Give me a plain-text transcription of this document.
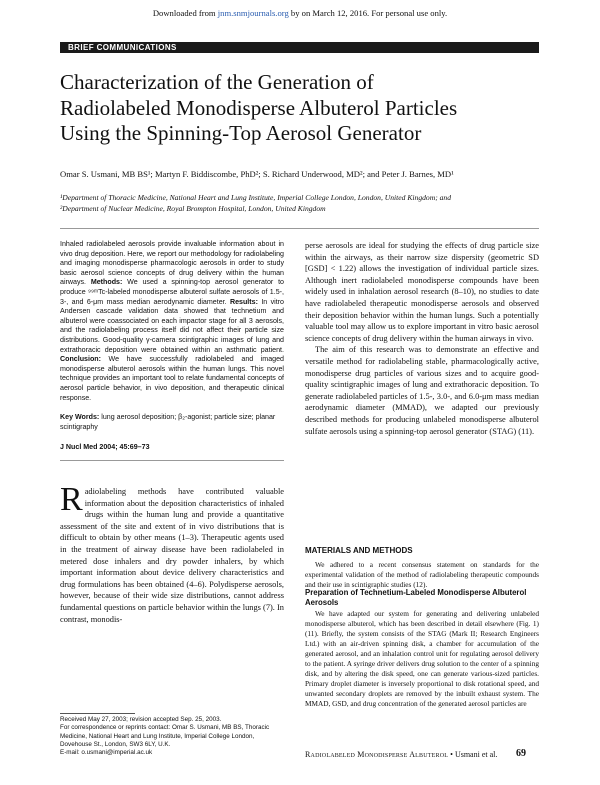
Downloaded from jnm.snmjournals.org by on March 12, 2016. For personal use only.
BRIEF COMMUNICATIONS
Characterization of the Generation of
Radiolabeled Monodisperse Albuterol Particles
Using the Spinning-Top Aerosol Generator
Omar S. Usmani, MB BS¹; Martyn F. Biddiscombe, PhD²; S. Richard Underwood, MD²; and Peter J. Barnes, MD¹
¹Department of Thoracic Medicine, National Heart and Lung Institute, Imperial College London, London, United Kingdom; and
²Department of Nuclear Medicine, Royal Brompton Hospital, London, United Kingdom

Inhaled radiolabeled aerosols provide invaluable information about in vivo drug deposition. Here, we report our methodology for radiolabeling and imaging monodisperse pharmacologic aerosols in order to study basic aerosol science concepts of drug delivery within the human airways. Methods: We used a spinning-top aerosol generator to produce ⁹⁹ᵐTc-labeled monodisperse albuterol sulfate aerosols of 1.5-, 3-, and 6-μm mass median aerodynamic diameter. Results: In vitro Andersen cascade validation data showed that technetium and albuterol were coassociated on each impactor stage for all 3 aerosols, and the radiolabeling process itself did not affect their particle size distributions. Good-quality γ-camera scintigraphic images of lung and extrathoracic deposition were obtained within an asthmatic patient. Conclusion: We have successfully radiolabeled and imaged monodisperse albuterol aerosols within the human lungs. This novel technique provides an important tool to relate fundamental concepts of aerosol particle behavior, in vivo deposition, and therapeutic clinical response.

Key Words: lung aerosol deposition; β₂-agonist; particle size; planar scintigraphy
J Nucl Med 2004; 45:69–73

Radiolabeling methods have contributed valuable information about the deposition characteristics of inhaled drugs within the human lung and provide a quantitative assessment of the site and extent of in vivo distributions that is difficult to obtain by other means (1–3). Therapeutic agents used in the treatment of airway disease have been radiolabeled in metered dose inhalers and dry powder inhalers, by which important information about device delivery characteristics and drug formulations has been obtained (4–6). Polydisperse aerosols, however, because of their wide size distributions, cannot address fundamental questions on particle behavior within the lungs (7). In contrast, monodis-

Received May 27, 2003; revision accepted Sep. 25, 2003.

For correspondence or reprints contact: Omar S. Usmani, MB BS, Thoracic Medicine, National Heart and Lung Institute, Imperial College London, Dovehouse St., London, SW3 6LY, U.K.

E-mail: o.usmani@imperial.ac.uk

perse aerosols are ideal for studying the effects of drug particle size within the airways, as their narrow size dispersity (geometric SD [GSD] < 1.22) allows the investigation of individual particle sizes. Although inert radiolabeled monodisperse compounds have been widely used in inhalation aerosol research (8–10), no studies to date have radiolabeled therapeutic monodisperse aerosols and observed their deposition behavior within the human lungs. Such a potentially valuable tool may allow us to explore important in vitro basic aerosol science concepts of drug delivery within the human airways in vivo.

The aim of this research was to demonstrate an effective and versatile method for radiolabeling stable, pharmacologically active, monodisperse drug particles of various sizes and to acquire good-quality scintigraphic images of lung and extrathoracic deposition. To generate radiolabeled particles of 1.5-, 3.0-, and 6.0-μm mass median aerodynamic diameter (MMAD), we adapted our previously described methods for producing unlabeled monodisperse albuterol sulfate aerosols using a spinning-top aerosol generator (STAG) (11).

MATERIALS AND METHODS

We adhered to a recent consensus statement on standards for the experimental validation of the method of radiolabeling therapeutic compounds and their use in scintigraphic studies (12).

Preparation of Technetium-Labeled Monodisperse Albuterol Aerosols

We have adapted our system for generating and delivering unlabeled monodisperse albuterol, which has been described in detail elsewhere (Fig. 1) (11). Briefly, the system consists of the STAG (Mark II; Research Engineers Ltd.) with an air-driven spinning disk, a chamber for accumulation of the generated aerosol, and an inhalation control unit for regulating aerosol delivery to the patient. A syringe driver delivers drug solution to the center of a spinning disk, and by altering the disk speed, one can generate various-sized particles. Primary droplet diameter is inversely proportional to disk rotational speed, and unwanted secondary droplets are removed by the inbuilt exhaust system. The MMAD, GSD, and drug concentration of the generated aerosol particles are

Radiolabeled Monodisperse Albuterol • Usmani et al.	69
